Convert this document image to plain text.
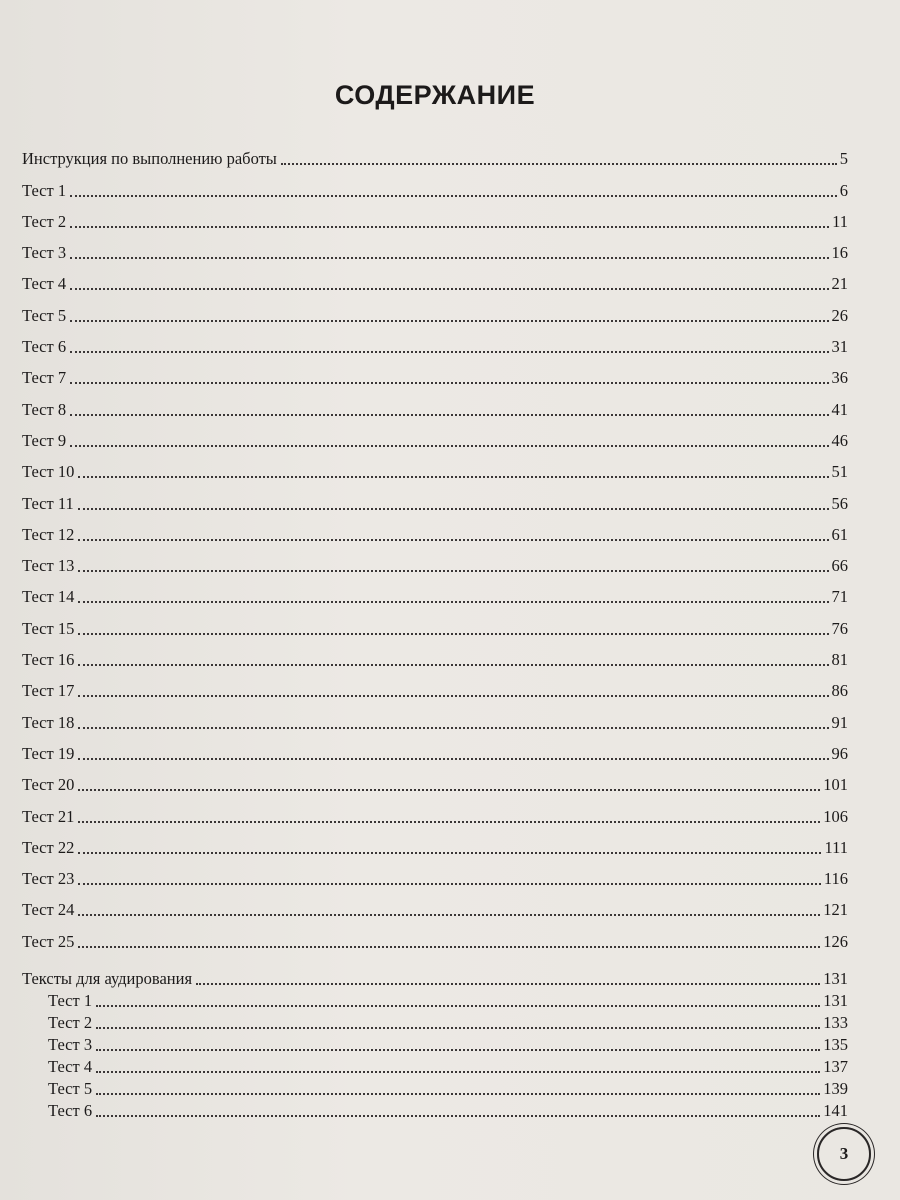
СОДЕРЖАНИЕ
Инструкция по выполнению работы	5
Тест 1	6
Тест 2	11
Тест 3	16
Тест 4	21
Тест 5	26
Тест 6	31
Тест 7	36
Тест 8	41
Тест 9	46
Тест 10	51
Тест 11	56
Тест 12	61
Тест 13	66
Тест 14	71
Тест 15	76
Тест 16	81
Тест 17	86
Тест 18	91
Тест 19	96
Тест 20	101
Тест 21	106
Тест 22	111
Тест 23	116
Тест 24	121
Тест 25	126
Тексты для аудирования	131
Тест 1	131
Тест 2	133
Тест 3	135
Тест 4	137
Тест 5	139
Тест 6	141
3
